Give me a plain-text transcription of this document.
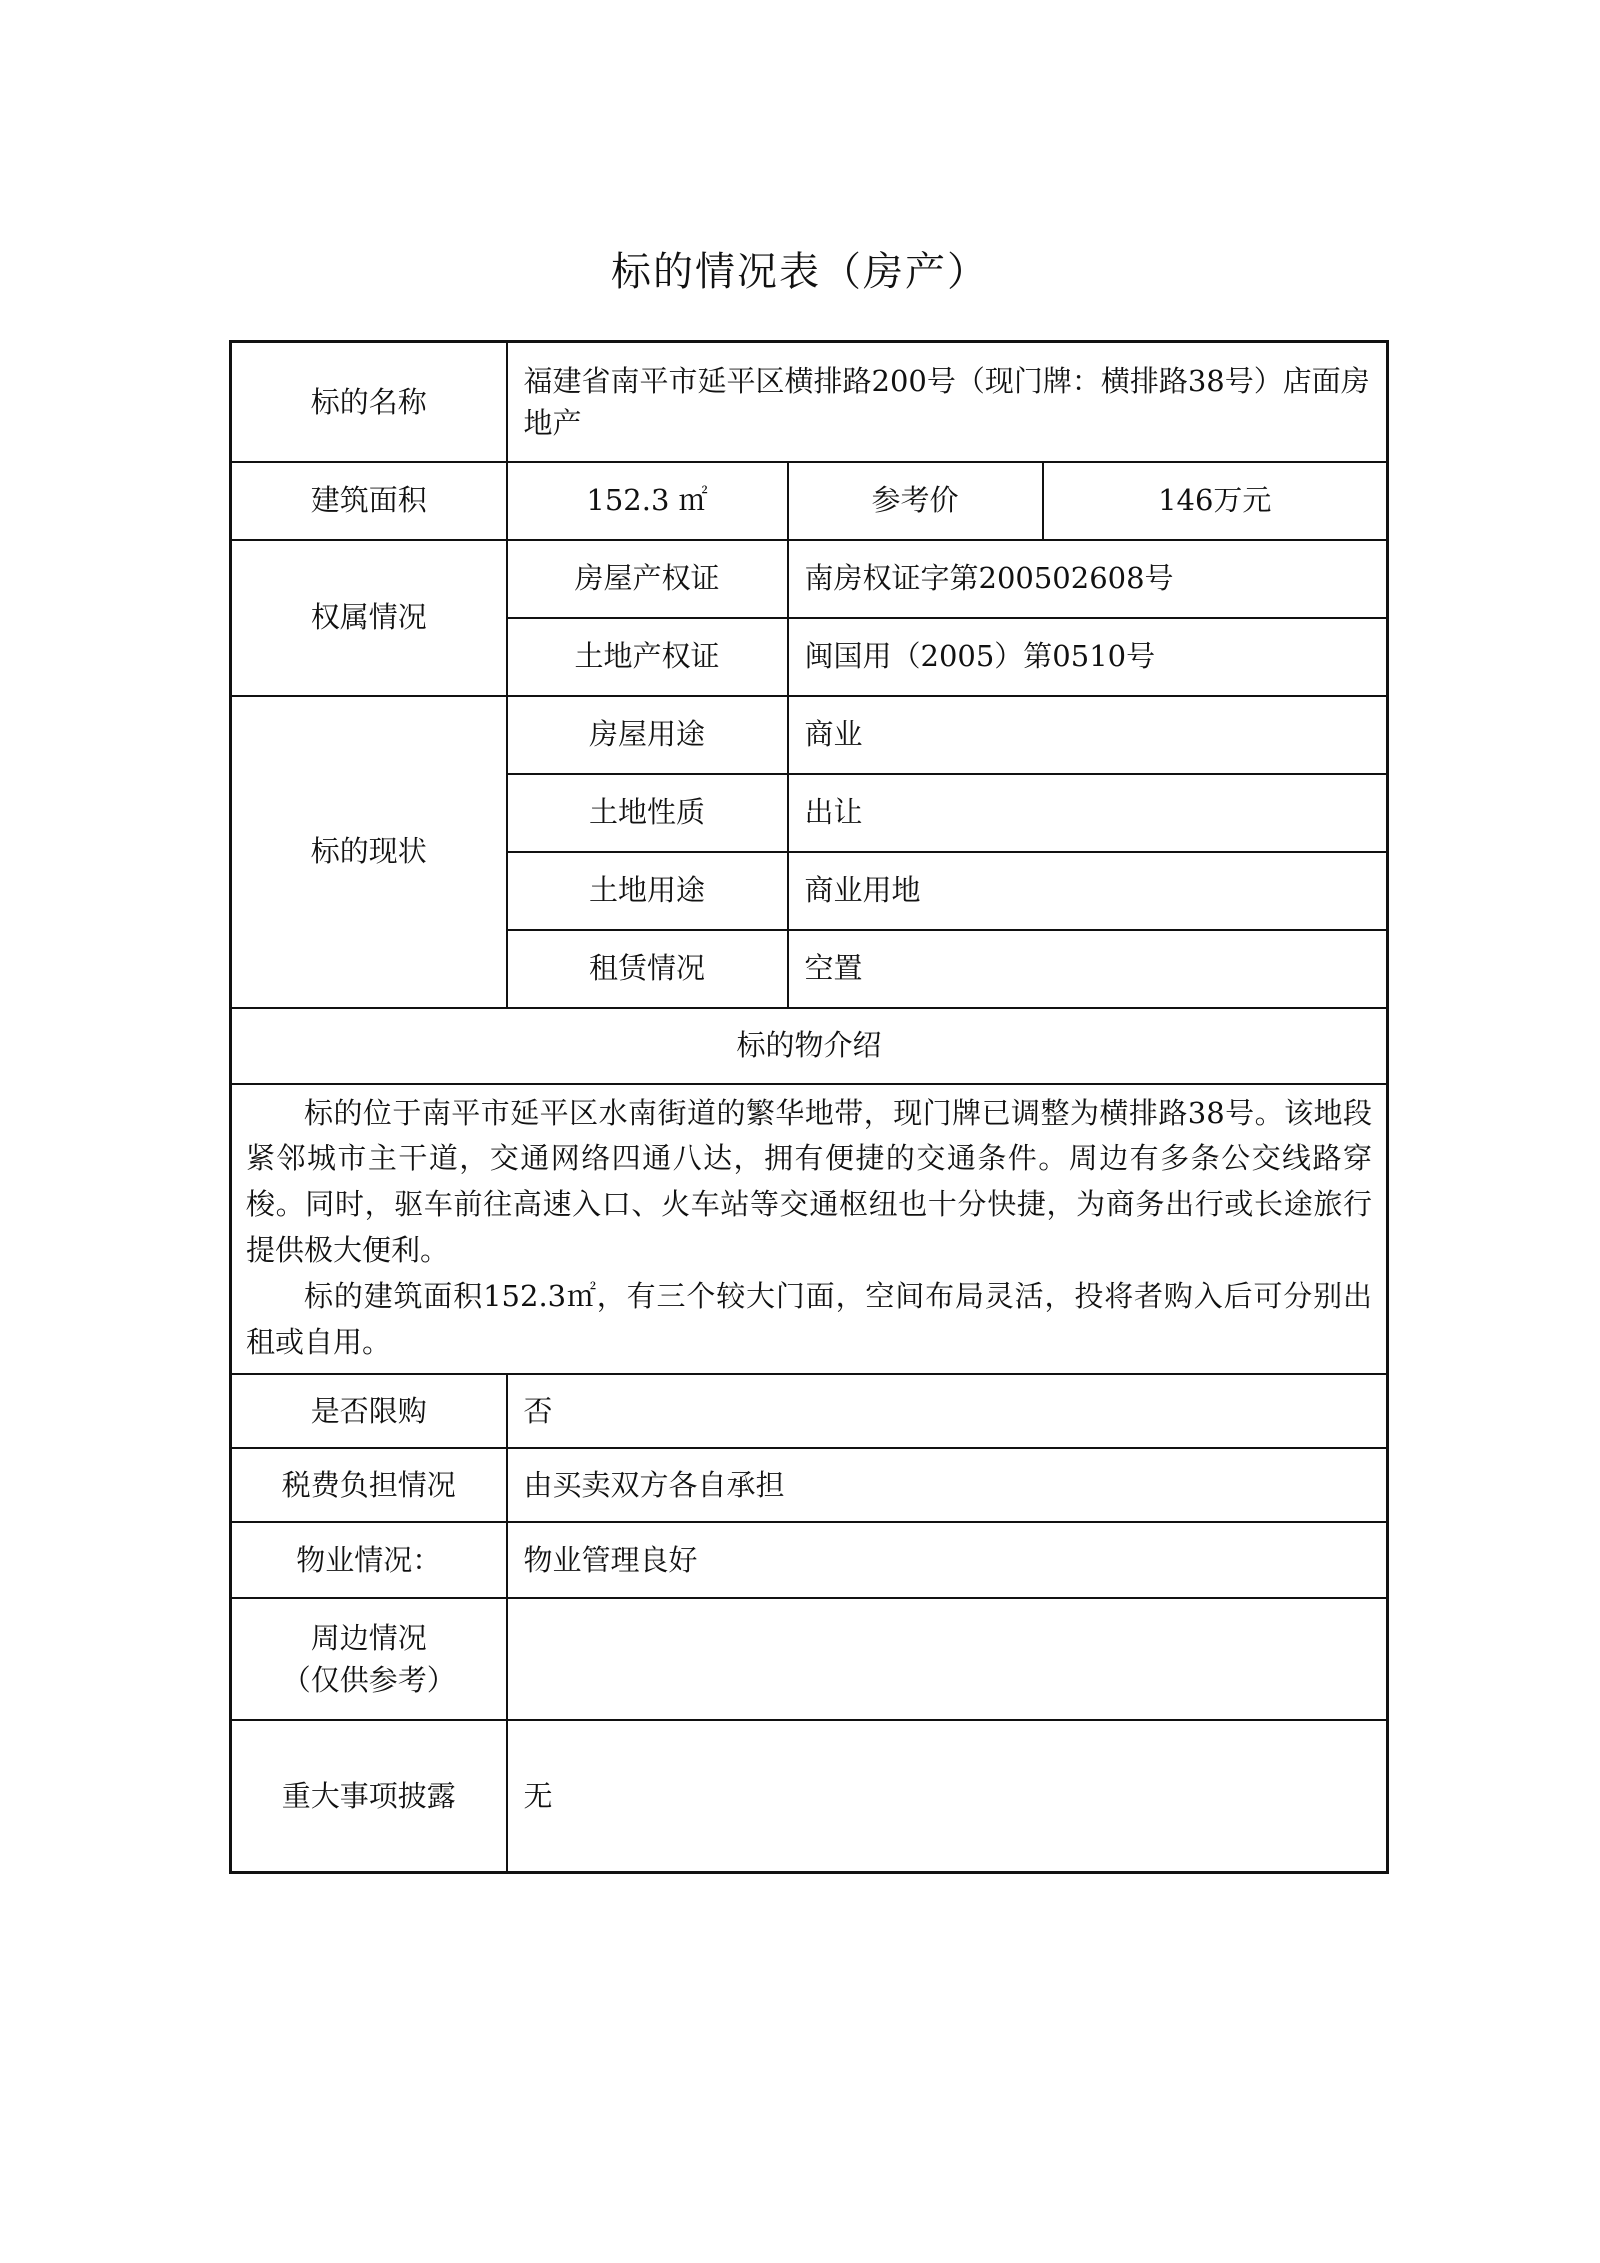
标的情况表（房产）
标的名称	福建省南平市延平区横排路200号（现门牌：横排路38号）店面房地产		
建筑面积	152.3 ㎡	参考价	146万元
权属情况	房屋产权证	南房权证字第200502608号	
	土地产权证	闽国用（2005）第0510号	
标的现状	房屋用途	商业	
	土地性质	出让	
	土地用途	商业用地	
	租赁情况	空置	
标的物介绍			

标的位于南平市延平区水南街道的繁华地带，现门牌已调整为横排路38号。该地段紧邻城市主干道，交通网络四通八达，拥有便捷的交通条件。周边有多条公交线路穿梭。同时，驱车前往高速入口、火车站等交通枢纽也十分快捷，为商务出行或长途旅行提供极大便利。

标的建筑面积152.3㎡，有三个较大门面，空间布局灵活，投将者购入后可分别出租或自用。			

是否限购	否		
税费负担情况	由买卖双方各自承担		
物业情况：	物业管理良好		

周边情况
（仅供参考）			

重大事项披露	无		
